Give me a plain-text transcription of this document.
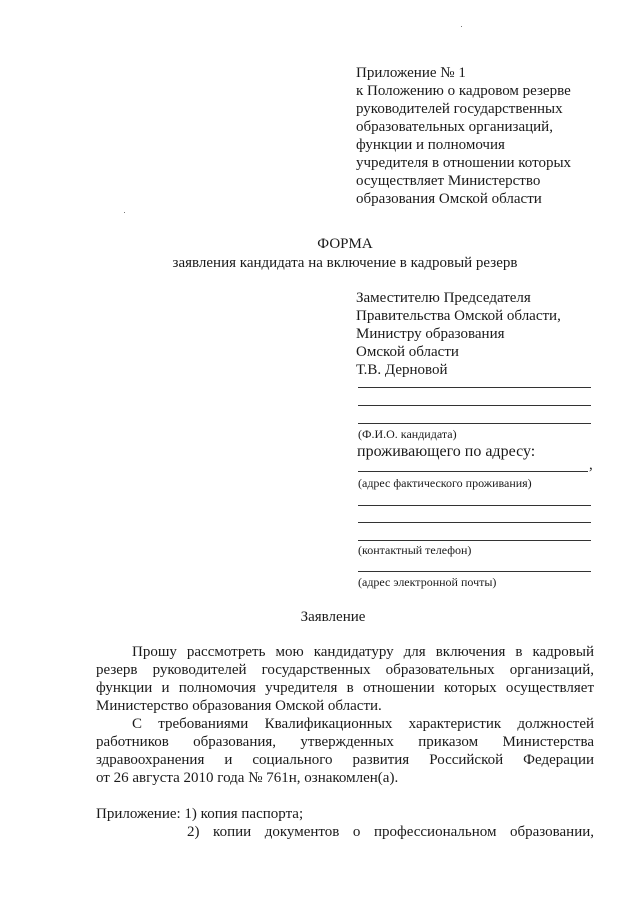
Приложение № 1
к Положению о кадровом резерве
руководителей государственных
образовательных организаций,
функции и полномочия
учредителя в отношении которых
осуществляет Министерство
образования Омской области
ФОРМА
заявления кандидата на включение в кадровый резерв
Заместителю Председателя
Правительства Омской области,
Министру образования
Омской области
Т.В. Дерновой
(Ф.И.О. кандидата)
проживающего по адресу:
,
(адрес фактического проживания)
(контактный телефон)
(адрес электронной почты)
Заявление
Прошу рассмотреть мою кандидатуру для включения в кадровый
резерв руководителей государственных образовательных организаций,
функции и полномочия учредителя в отношении которых осуществляет
Министерство образования Омской области.
С требованиями Квалификационных характеристик должностей
работников образования, утвержденных приказом Министерства
здравоохранения и социального развития Российской Федерации
от 26 августа 2010 года № 761н, ознакомлен(а).
Приложение: 1) копия паспорта;
2) копии документов о профессиональном образовании,
